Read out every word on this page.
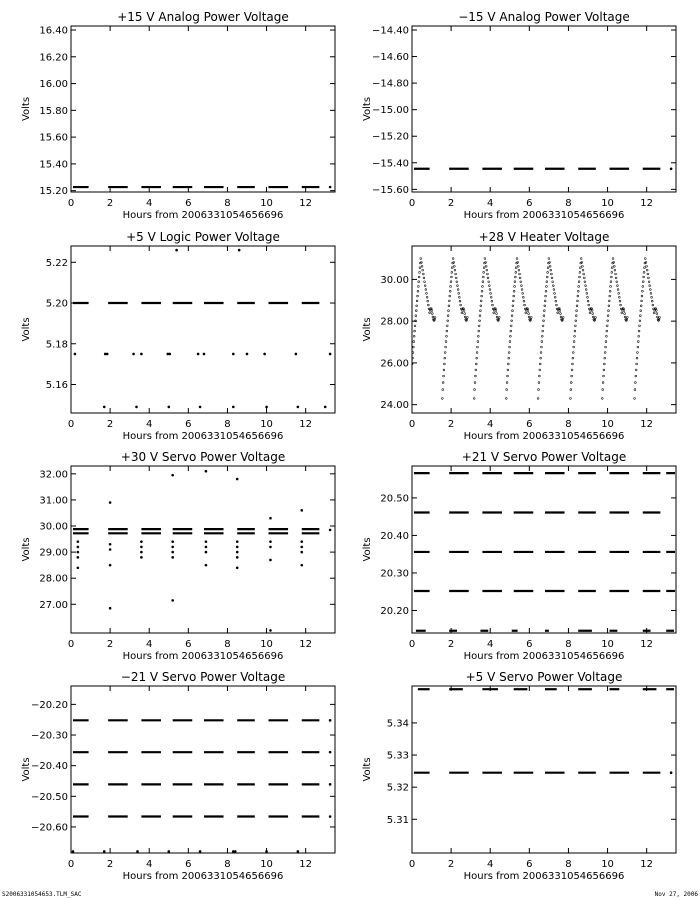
+15 V Analog Power Voltage
Hours from 2006331054656696
Volts
0	2	4	6	8	10	12
15.20
15.40
15.60
15.80
16.00
16.20
16.40
−15 V Analog Power Voltage
Hours from 2006331054656696
Volts
0	2	4	6	8	10	12
−15.60
−15.40
−15.20
−15.00
−14.80
−14.60
−14.40
+5 V Logic Power Voltage
Hours from 2006331054656696
Volts
0	2	4	6	8	10	12
5.16
5.18
5.20
5.22
+28 V Heater Voltage
Hours from 2006331054656696
Volts
0	2	4	6	8	10	12
24.00
26.00
28.00
30.00
+30 V Servo Power Voltage
Hours from 2006331054656696
Volts
0	2	4	6	8	10	12
27.00
28.00
29.00
30.00
31.00
32.00
+21 V Servo Power Voltage
Hours from 2006331054656696
Volts
0	2	4	6	8	10	12
20.20
20.30
20.40
20.50
−21 V Servo Power Voltage
Hours from 2006331054656696
Volts
0	2	4	6	8	10	12
−20.60
−20.50
−20.40
−20.30
−20.20
+5 V Servo Power Voltage
Hours from 2006331054656696
Volts
0	2	4	6	8	10	12
5.31
5.32
5.33
5.34
S2006331054653.TLM_SAC	Nov 27, 2006
